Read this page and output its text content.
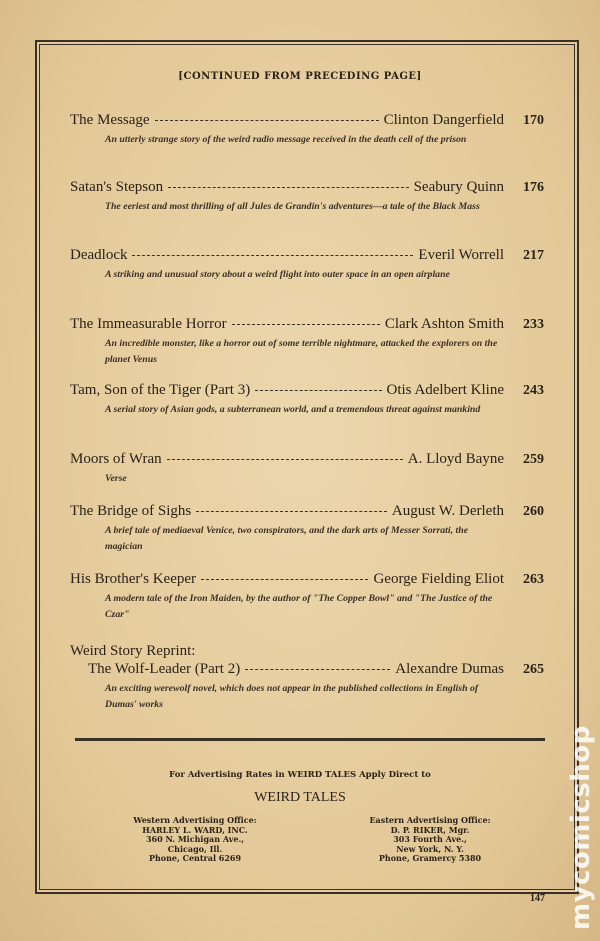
[CONTINUED FROM PRECEDING PAGE]
The Message	Clinton Dangerfield	170
An utterly strange story of the weird radio message received in the death cell of the prison
Satan's Stepson	Seabury Quinn	176
The eeriest and most thrilling of all Jules de Grandin's adventures—a tale of the Black Mass
Deadlock	Everil Worrell	217
A striking and unusual story about a weird flight into outer space in an open airplane
The Immeasurable Horror	Clark Ashton Smith	233
An incredible monster, like a horror out of some terrible nightmare, attacked the explorers on the planet Venus
Tam, Son of the Tiger (Part 3)	Otis Adelbert Kline	243
A serial story of Asian gods, a subterranean world, and a tremendous threat against mankind
Moors of Wran	A. Lloyd Bayne	259
Verse
The Bridge of Sighs	August W. Derleth	260
A brief tale of mediaeval Venice, two conspirators, and the dark arts of Messer Sorrati, the magician
His Brother's Keeper	George Fielding Eliot	263
A modern tale of the Iron Maiden, by the author of "The Copper Bowl" and "The Justice of the Czar"
Weird Story Reprint:
The Wolf-Leader (Part 2)	Alexandre Dumas	265
An exciting werewolf novel, which does not appear in the published collections in English of Dumas' works
For Advertising Rates in WEIRD TALES Apply Direct to
WEIRD TALES
Western Advertising Office:
HARLEY L. WARD, INC.
360 N. Michigan Ave.,
Chicago, Ill.
Phone, Central 6269
Eastern Advertising Office:
D. P. RIKER, Mgr.
303 Fourth Ave.,
New York, N. Y.
Phone, Gramercy 5380
147 mycomicshop
